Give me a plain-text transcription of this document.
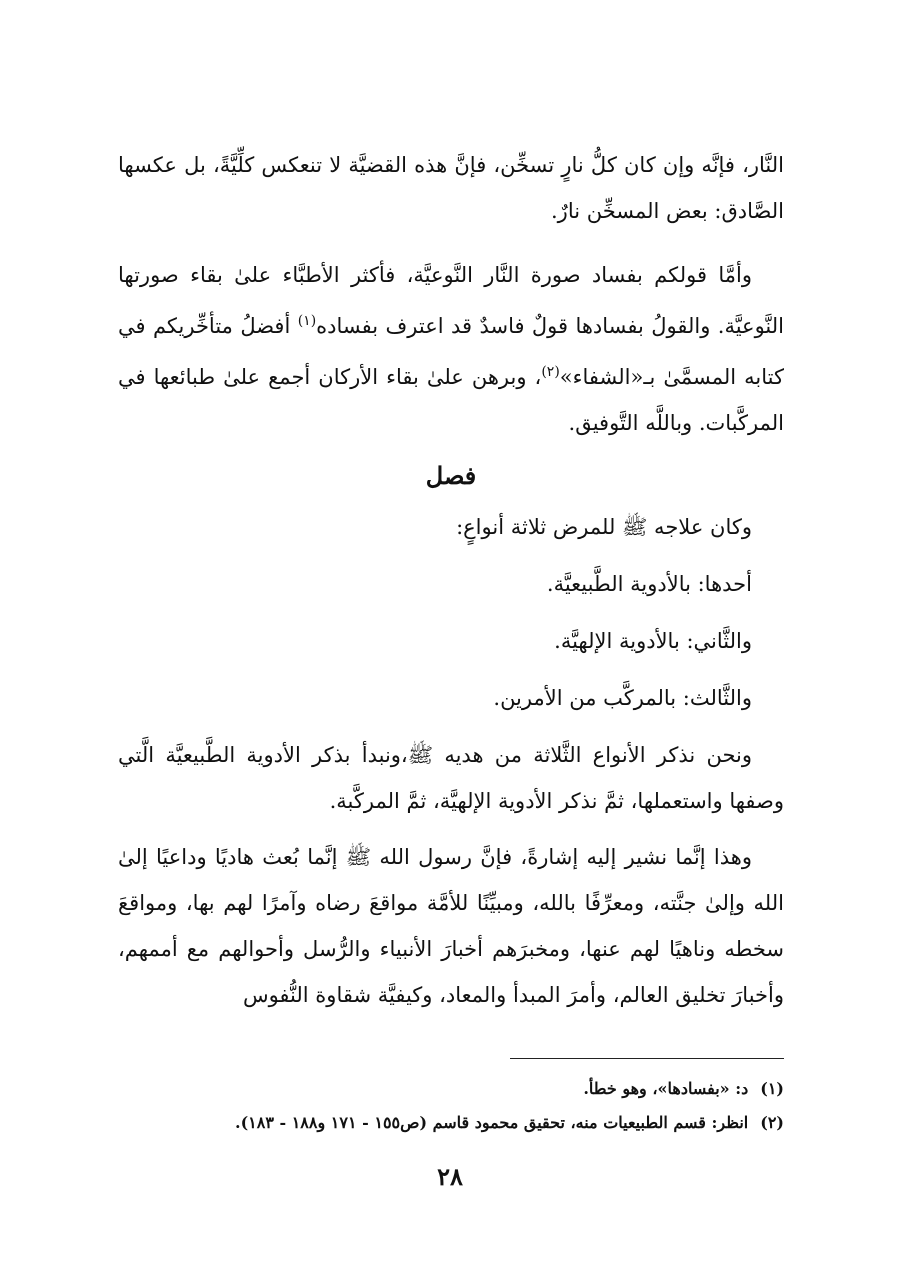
النَّار، فإنَّه وإن كان كلُّ نارٍ تسخِّن، فإنَّ هذه القضيَّة لا تنعكس كلِّيَّةً، بل عكسها الصَّادق: بعض المسخِّن نارٌ.

وأمَّا قولكم بفساد صورة النَّار النَّوعيَّة، فأكثر الأطبَّاء علىٰ بقاء صورتها النَّوعيَّة. والقولُ بفسادها قولٌ فاسدٌ قد اعترف بفساده$^{(١)}$ أفضلُ متأخِّريكم في كتابه المسمَّىٰ بـ«الشفاء»$^{(٢)}$، وبرهن علىٰ بقاء الأركان أجمع علىٰ طبائعها في المركَّبات. وباللَّه التَّوفيق.

فصل
وكان علاجه ﷺ للمرض ثلاثة أنواعٍ:
أحدها: بالأدوية الطَّبيعيَّة.
والثَّاني: بالأدوية الإلهيَّة.
والثَّالث: بالمركَّب من الأمرين.

ونحن نذكر الأنواع الثَّلاثة من هديه ﷺ،ونبدأ بذكر الأدوية الطَّبيعيَّة الَّتي وصفها واستعملها، ثمَّ نذكر الأدوية الإلهيَّة، ثمَّ المركَّبة.

وهذا إنَّما نشير إليه إشارةً، فإنَّ رسول الله ﷺ إنَّما بُعث هاديًا وداعيًا إلىٰ الله وإلىٰ جنَّته، ومعرِّفًا بالله، ومبيِّنًا للأمَّة مواقعَ رضاه وآمرًا لهم بها، ومواقعَ سخطه وناهيًا لهم عنها، ومخبرَهم أخبارَ الأنبياء والرُّسل وأحوالهم مع أممهم، وأخبارَ تخليق العالم، وأمرَ المبدأ والمعاد، وكيفيَّة شقاوة النُّفوس

(١)د: «بفسادها»، وهو خطأ.

(٢)انظر: قسم الطبيعيات منه، تحقيق محمود قاسم (ص١٥٥ - ١٧١ و١٨٨ - ١٨٣).

٢٨
